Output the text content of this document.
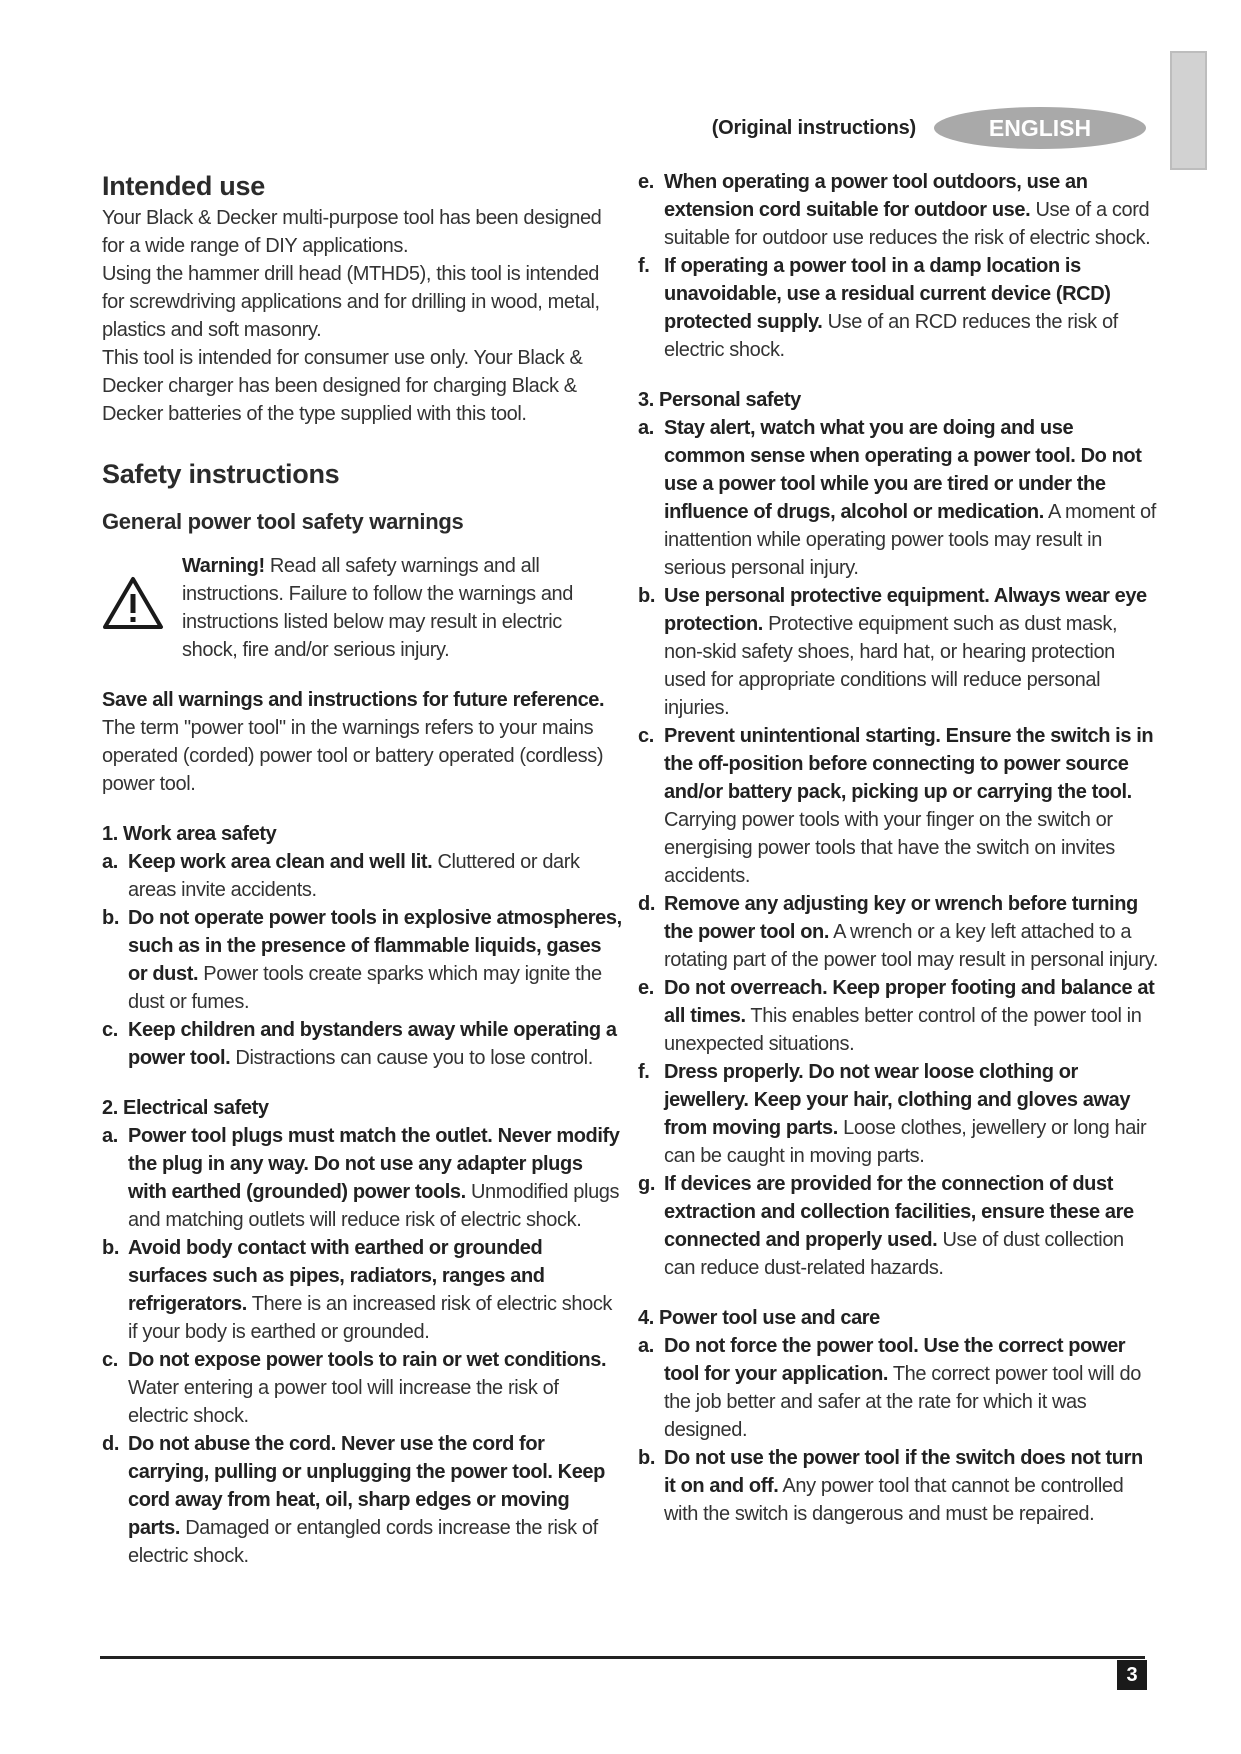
(Original instructions)	ENGLISH
Intended use

Your Black & Decker multi-purpose tool has been designed for a wide range of DIY applications.

Using the hammer drill head (MTHD5), this tool is intended for screwdriving applications and for drilling in wood, metal, plastics and soft masonry.

This tool is intended for consumer use only. Your Black & Decker charger has been designed for charging Black & Decker batteries of the type supplied with this tool.

Safety instructions
General power tool safety warnings

Warning! Read all safety warnings and all instructions. Failure to follow the warnings and instructions listed below may result in electric shock, fire and/or serious injury.

Save all warnings and instructions for future reference.

The term "power tool" in the warnings refers to your mains operated (corded) power tool or battery operated (cordless) power tool.

1. Work area safety

a. Keep work area clean and well lit. Cluttered or dark areas invite accidents.

b. Do not operate power tools in explosive atmospheres, such as in the presence of flammable liquids, gases or dust. Power tools create sparks which may ignite the dust or fumes.

c. Keep children and bystanders away while operating a power tool. Distractions can cause you to lose control.

2. Electrical safety

a. Power tool plugs must match the outlet. Never modify the plug in any way. Do not use any adapter plugs with earthed (grounded) power tools. Unmodified plugs and matching outlets will reduce risk of electric shock.

b. Avoid body contact with earthed or grounded surfaces such as pipes, radiators, ranges and refrigerators. There is an increased risk of electric shock if your body is earthed or grounded.

c. Do not expose power tools to rain or wet conditions. Water entering a power tool will increase the risk of electric shock.

d. Do not abuse the cord. Never use the cord for carrying, pulling or unplugging the power tool. Keep cord away from heat, oil, sharp edges or moving parts. Damaged or entangled cords increase the risk of electric shock.

e. When operating a power tool outdoors, use an extension cord suitable for outdoor use. Use of a cord suitable for outdoor use reduces the risk of electric shock.

f. If operating a power tool in a damp location is unavoidable, use a residual current device (RCD) protected supply. Use of an RCD reduces the risk of electric shock.

3. Personal safety

a. Stay alert, watch what you are doing and use common sense when operating a power tool. Do not use a power tool while you are tired or under the influence of drugs, alcohol or medication. A moment of inattention while operating power tools may result in serious personal injury.

b. Use personal protective equipment. Always wear eye protection. Protective equipment such as dust mask, non-skid safety shoes, hard hat, or hearing protection used for appropriate conditions will reduce personal injuries.

c. Prevent unintentional starting. Ensure the switch is in the off-position before connecting to power source and/or battery pack, picking up or carrying the tool. Carrying power tools with your finger on the switch or energising power tools that have the switch on invites accidents.

d. Remove any adjusting key or wrench before turning the power tool on. A wrench or a key left attached to a rotating part of the power tool may result in personal injury.

e. Do not overreach. Keep proper footing and balance at all times. This enables better control of the power tool in unexpected situations.

f. Dress properly. Do not wear loose clothing or jewellery. Keep your hair, clothing and gloves away from moving parts. Loose clothes, jewellery or long hair can be caught in moving parts.

g. If devices are provided for the connection of dust extraction and collection facilities, ensure these are connected and properly used. Use of dust collection can reduce dust-related hazards.

4. Power tool use and care

a. Do not force the power tool. Use the correct power tool for your application. The correct power tool will do the job better and safer at the rate for which it was designed.

b. Do not use the power tool if the switch does not turn it on and off. Any power tool that cannot be controlled with the switch is dangerous and must be repaired.

3
